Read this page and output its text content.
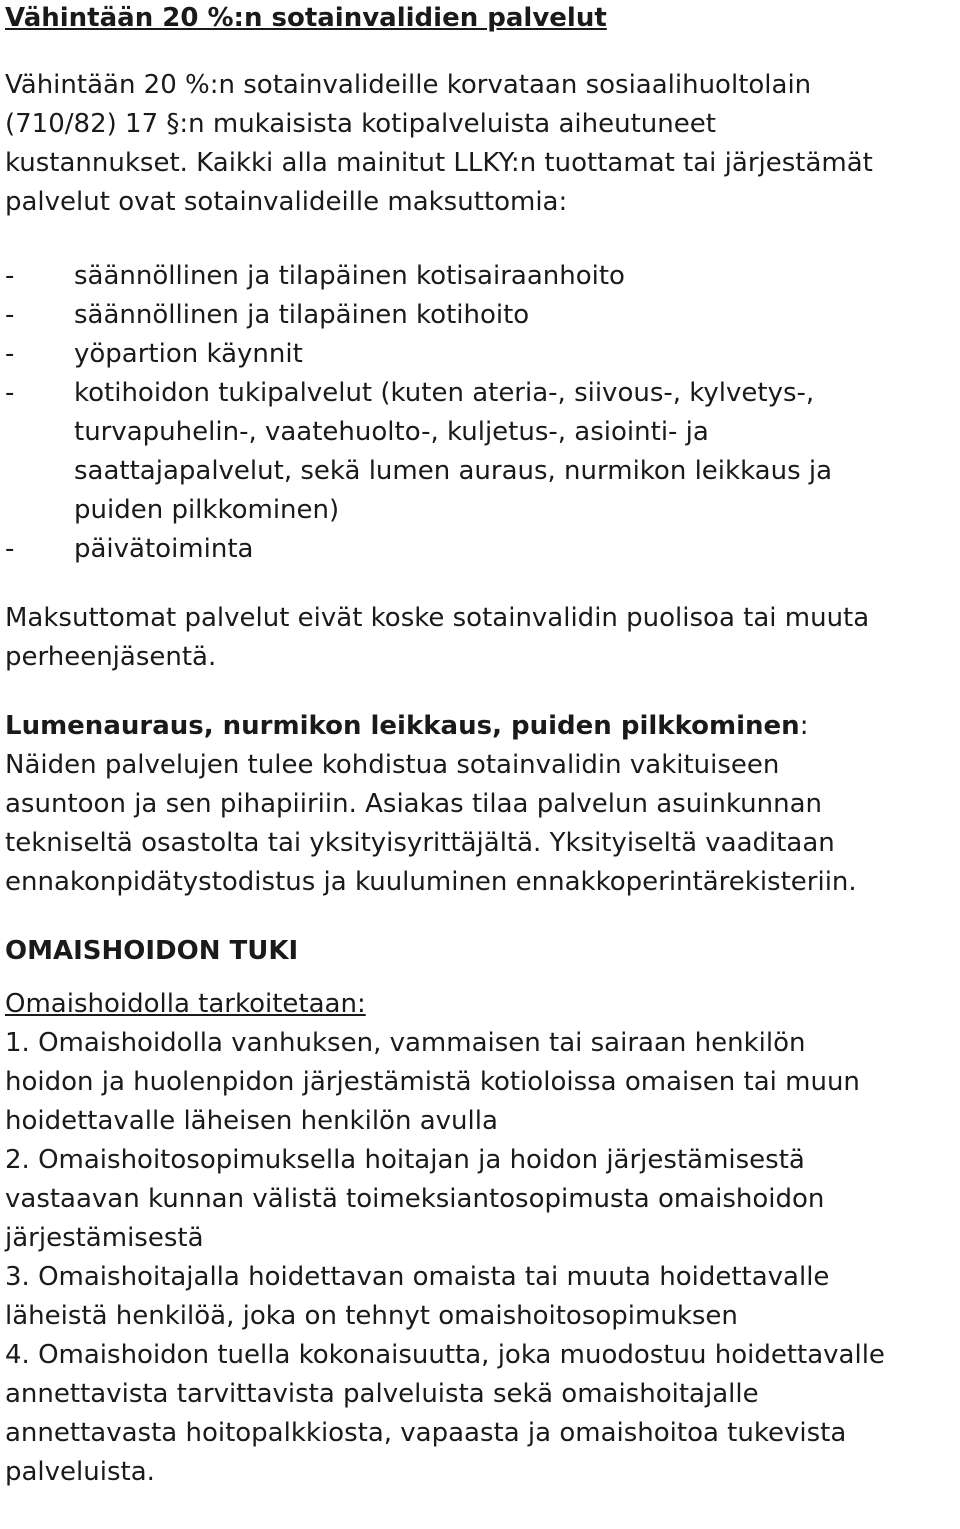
Vähintään 20 %:n sotainvalidien palvelut

Vähintään 20 %:n sotainvalideille korvataan sosiaalihuoltolain

(710/82) 17 §:n mukaisista kotipalveluista aiheutuneet

kustannukset. Kaikki alla mainitut LLKY:n tuottamat tai järjestämät

palvelut ovat sotainvalideille maksuttomia:

-	säännöllinen ja tilapäinen kotisairaanhoito
-	säännöllinen ja tilapäinen kotihoito
-	yöpartion käynnit
-	kotihoidon tukipalvelut (kuten ateria-, siivous-, kylvetys-,
turvapuhelin-, vaatehuolto-, kuljetus-, asiointi- ja
saattajapalvelut, sekä lumen auraus, nurmikon leikkaus ja
puiden pilkkominen)
-	päivätoiminta

Maksuttomat palvelut eivät koske sotainvalidin puolisoa tai muuta

perheenjäsentä.

Lumenauraus, nurmikon leikkaus, puiden pilkkominen:

Näiden palvelujen tulee kohdistua sotainvalidin vakituiseen

asuntoon ja sen pihapiiriin. Asiakas tilaa palvelun asuinkunnan

tekniseltä osastolta tai yksityisyrittäjältä. Yksityiseltä vaaditaan

ennakonpidätystodistus ja kuuluminen ennakkoperintärekisteriin.

OMAISHOIDON TUKI

Omaishoidolla tarkoitetaan:

1. Omaishoidolla vanhuksen, vammaisen tai sairaan henkilön

hoidon ja huolenpidon järjestämistä kotioloissa omaisen tai muun

hoidettavalle läheisen henkilön avulla

2. Omaishoitosopimuksella hoitajan ja hoidon järjestämisestä

vastaavan kunnan välistä toimeksiantosopimusta omaishoidon

järjestämisestä

3. Omaishoitajalla hoidettavan omaista tai muuta hoidettavalle

läheistä henkilöä, joka on tehnyt omaishoitosopimuksen

4. Omaishoidon tuella kokonaisuutta, joka muodostuu hoidettavalle

annettavista tarvittavista palveluista sekä omaishoitajalle

annettavasta hoitopalkkiosta, vapaasta ja omaishoitoa tukevista

palveluista.
